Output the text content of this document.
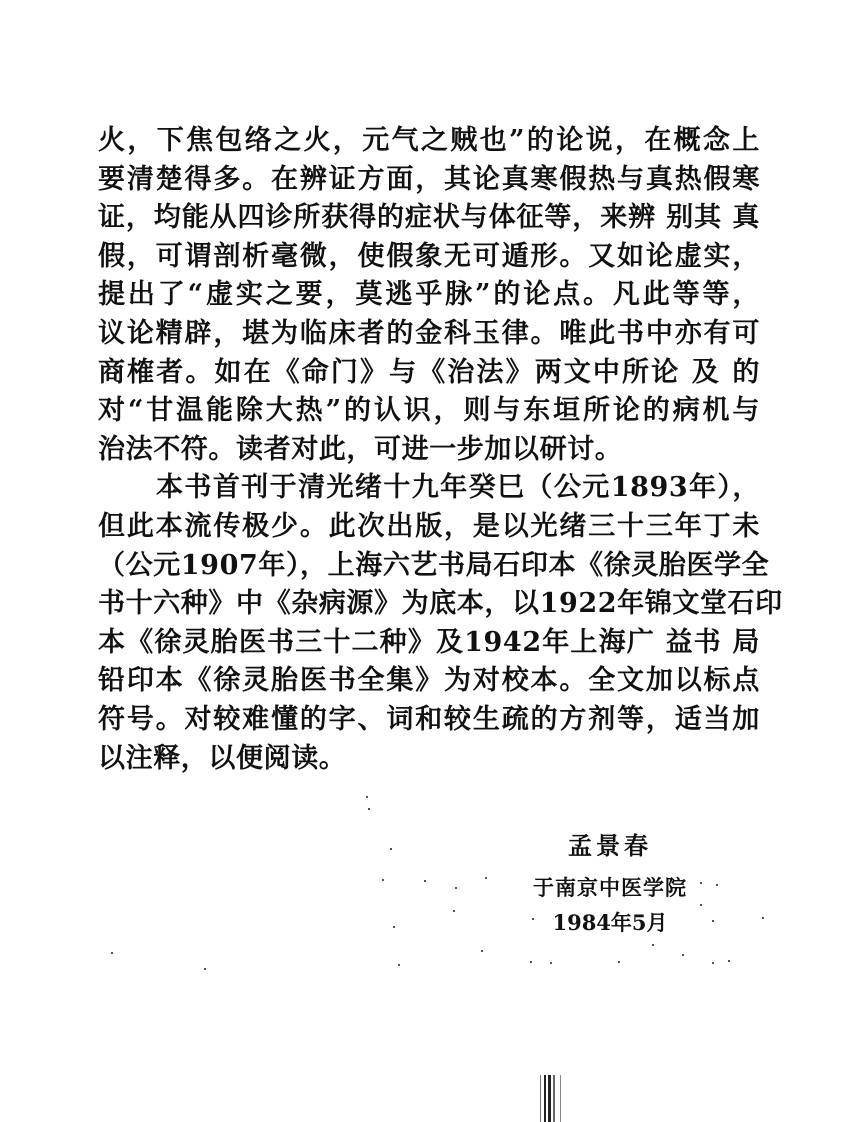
火，下焦包络之火，元气之贼也”的论说，在概念上
要清楚得多。在辨证方面，其论真寒假热与真热假寒
证，均能从四诊所获得的症状与体征等，来辨 别其 真
假，可谓剖析毫微，使假象无可遁形。又如论虚实，
提出了“虚实之要，莫逃乎脉”的论点。凡此等等，
议论精辟，堪为临床者的金科玉律。唯此书中亦有可
商榷者。如在《命门》与《治法》两文中所论 及 的
对“甘温能除大热”的认识，则与东垣所论的病机与
治法不符。读者对此，可进一步加以研讨。
本书首刊于清光绪十九年癸巳（公元1893年），
但此本流传极少。此次出版，是以光绪三十三年丁未
（公元1907年），上海六艺书局石印本《徐灵胎医学全
书十六种》中《杂病源》为底本，以1922年锦文堂石印
本《徐灵胎医书三十二种》及1942年上海广 益书 局
铅印本《徐灵胎医书全集》为对校本。全文加以标点
符号。对较难懂的字、词和较生疏的方剂等，适当加
以注释，以便阅读。
孟景春
于南京中医学院
1984年5月
